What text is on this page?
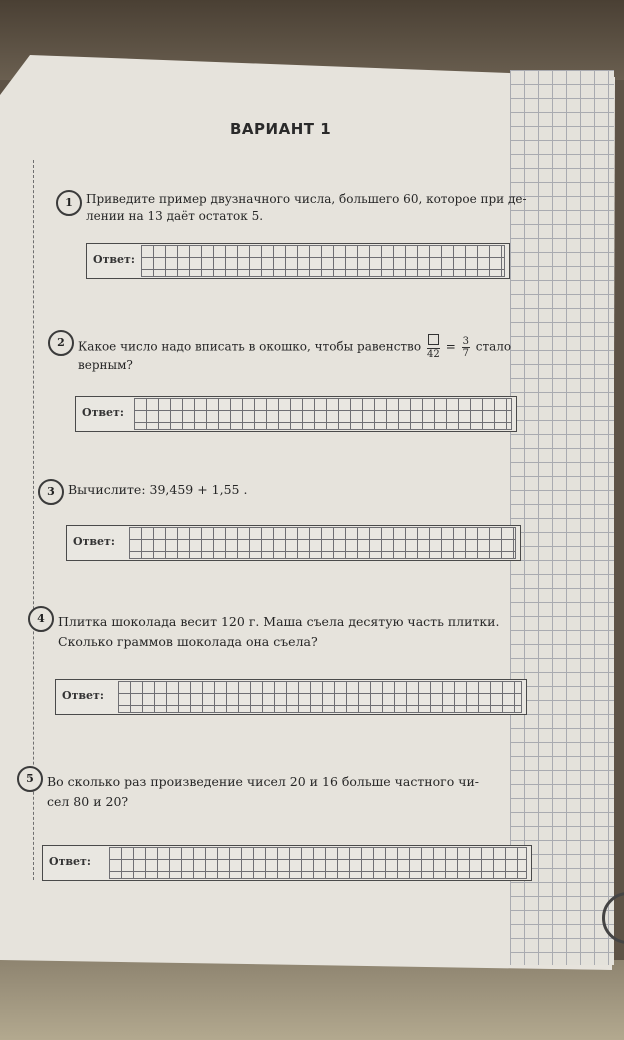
ВАРИАНТ 1
1	Приведите пример двузначного числа, большего 60, которое при де-
лении на 13 даёт остаток 5.
Ответ:
2	Какое число надо вписать в окошко, чтобы равенство
42
= $\frac{3}{7}$ стало
верным?
Ответ:
3	Вычислите: 39,459 + 1,55 .
Ответ:
4	Плитка шоколада весит 120 г. Маша съела десятую часть плитки.
Сколько граммов шоколада она съела?
Ответ:
5	Во сколько раз произведение чисел 20 и 16 больше частного чи-
сел 80 и 20?
Ответ:
